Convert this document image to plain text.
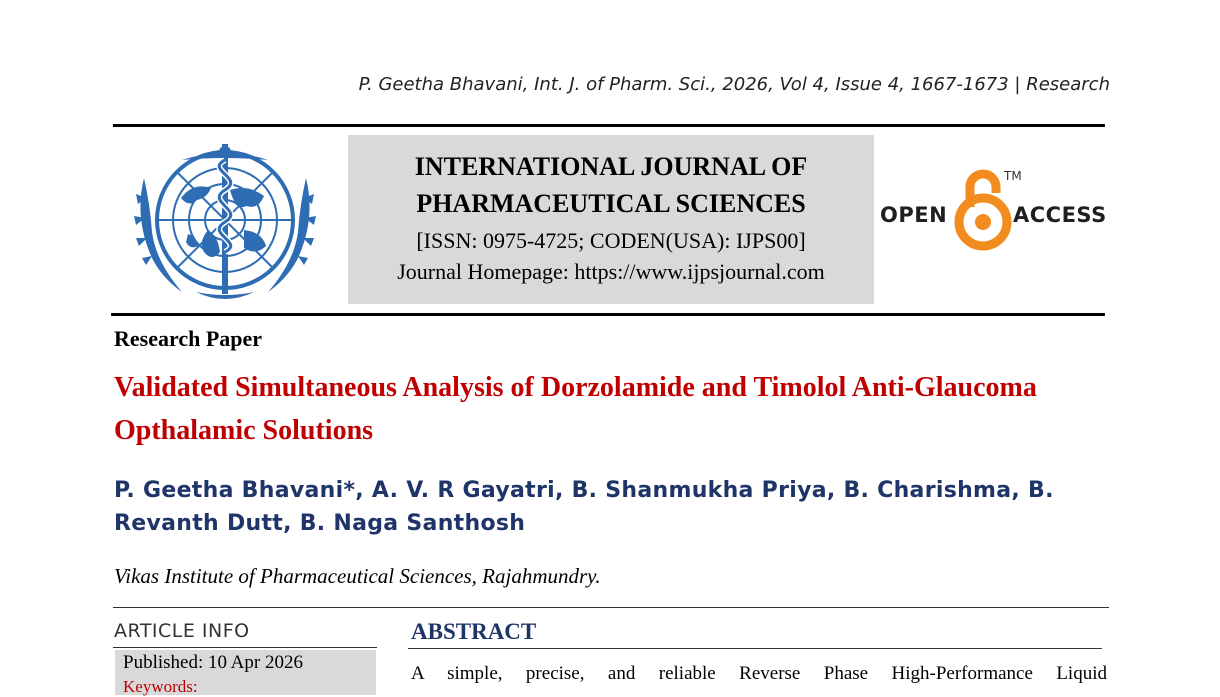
P. Geetha Bhavani, Int. J. of Pharm. Sci., 2026, Vol 4, Issue 4, 1667-1673 | Research
INTERNATIONAL JOURNAL OF
PHARMACEUTICAL SCIENCES
[ISSN: 0975-4725; CODEN(USA): IJPS00]
Journal Homepage: https://www.ijpsjournal.com
OPEN
TM
ACCESS
Research Paper
Validated Simultaneous Analysis of Dorzolamide and Timolol Anti-Glaucoma Opthalamic Solutions
P. Geetha Bhavani*, A. V. R Gayatri, B. Shanmukha Priya, B. Charishma, B. Revanth Dutt, B. Naga Santhosh
Vikas Institute of Pharmaceutical Sciences, Rajahmundry.
ARTICLE INFO
Published: 10 Apr 2026
Keywords:
ABSTRACT
A simple, precise, and reliable Reverse Phase High-Performance Liquid
